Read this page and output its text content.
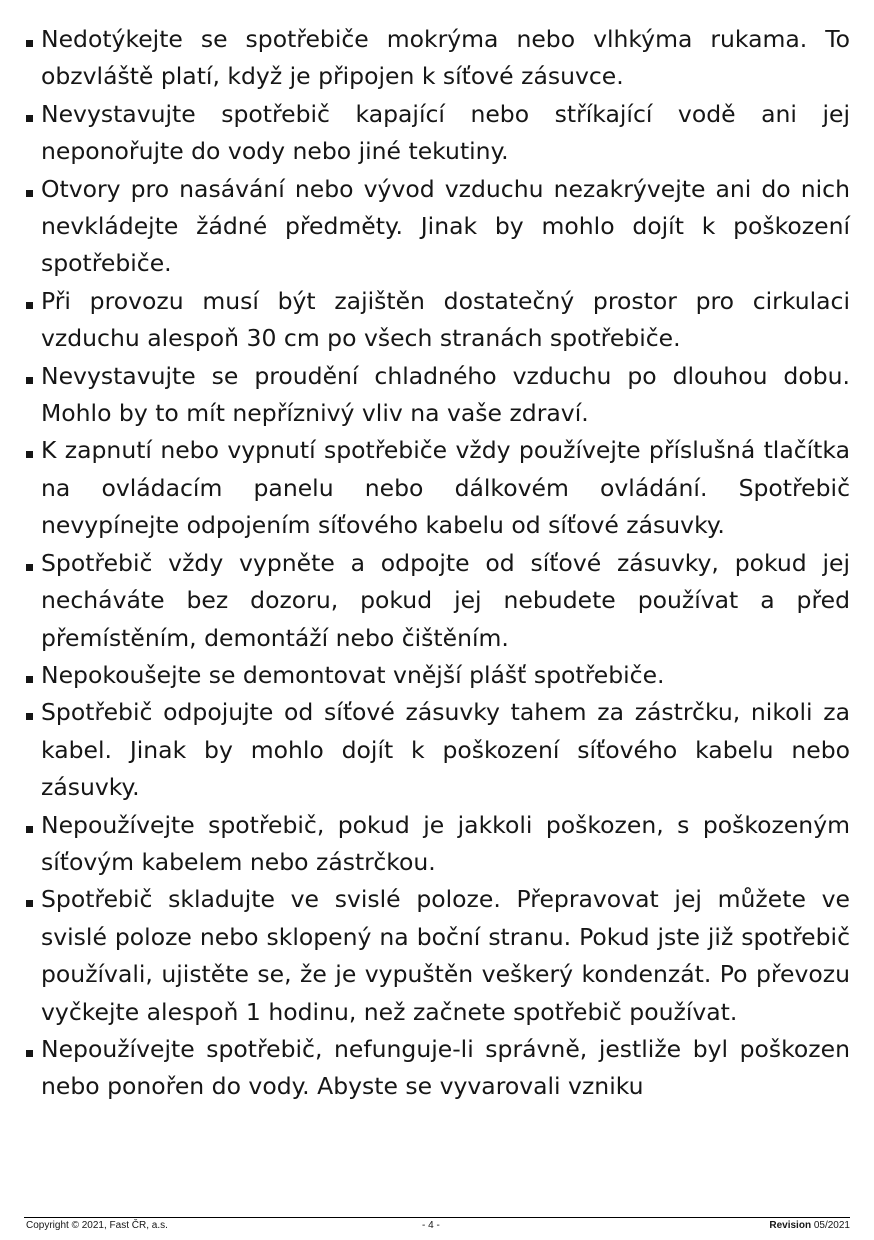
Nedotýkejte se spotřebiče mokrýma nebo vlhkýma rukama. To obzvláště platí, když je připojen k síťové zásuvce.
Nevystavujte spotřebič kapající nebo stříkající vodě ani jej neponořujte do vody nebo jiné tekutiny.
Otvory pro nasávání nebo vývod vzduchu nezakrývejte ani do nich nevkládejte žádné předměty. Jinak by mohlo dojít k poškození spotřebiče.
Při provozu musí být zajištěn dostatečný prostor pro cirkulaci vzduchu alespoň 30 cm po všech stranách spotřebiče.
Nevystavujte se proudění chladného vzduchu po dlouhou dobu. Mohlo by to mít nepříznivý vliv na vaše zdraví.
K zapnutí nebo vypnutí spotřebiče vždy používejte příslušná tlačítka na ovládacím panelu nebo dálkovém ovládání. Spotřebič nevypínejte odpojením síťového kabelu od síťové zásuvky.
Spotřebič vždy vypněte a odpojte od síťové zásuvky, pokud jej necháváte bez dozoru, pokud jej nebudete používat a před přemístěním, demontáží nebo čištěním.
Nepokoušejte se demontovat vnější plášť spotřebiče.
Spotřebič odpojujte od síťové zásuvky tahem za zástrčku, nikoli za kabel. Jinak by mohlo dojít k poškození síťového kabelu nebo zásuvky.
Nepoužívejte spotřebič, pokud je jakkoli poškozen, s poškozeným síťovým kabelem nebo zástrčkou.
Spotřebič skladujte ve svislé poloze. Přepravovat jej můžete ve svislé poloze nebo sklopený na boční stranu. Pokud jste již spotřebič používali, ujistěte se, že je vypuštěn veškerý kondenzát. Po převozu vyčkejte alespoň 1 hodinu, než začnete spotřebič používat.
Nepoužívejte spotřebič, nefunguje-li správně, jestliže byl poškozen nebo ponořen do vody. Abyste se vyvarovali vzniku
Copyright © 2021, Fast ČR, a.s.	- 4 -	Revision 05/2021
